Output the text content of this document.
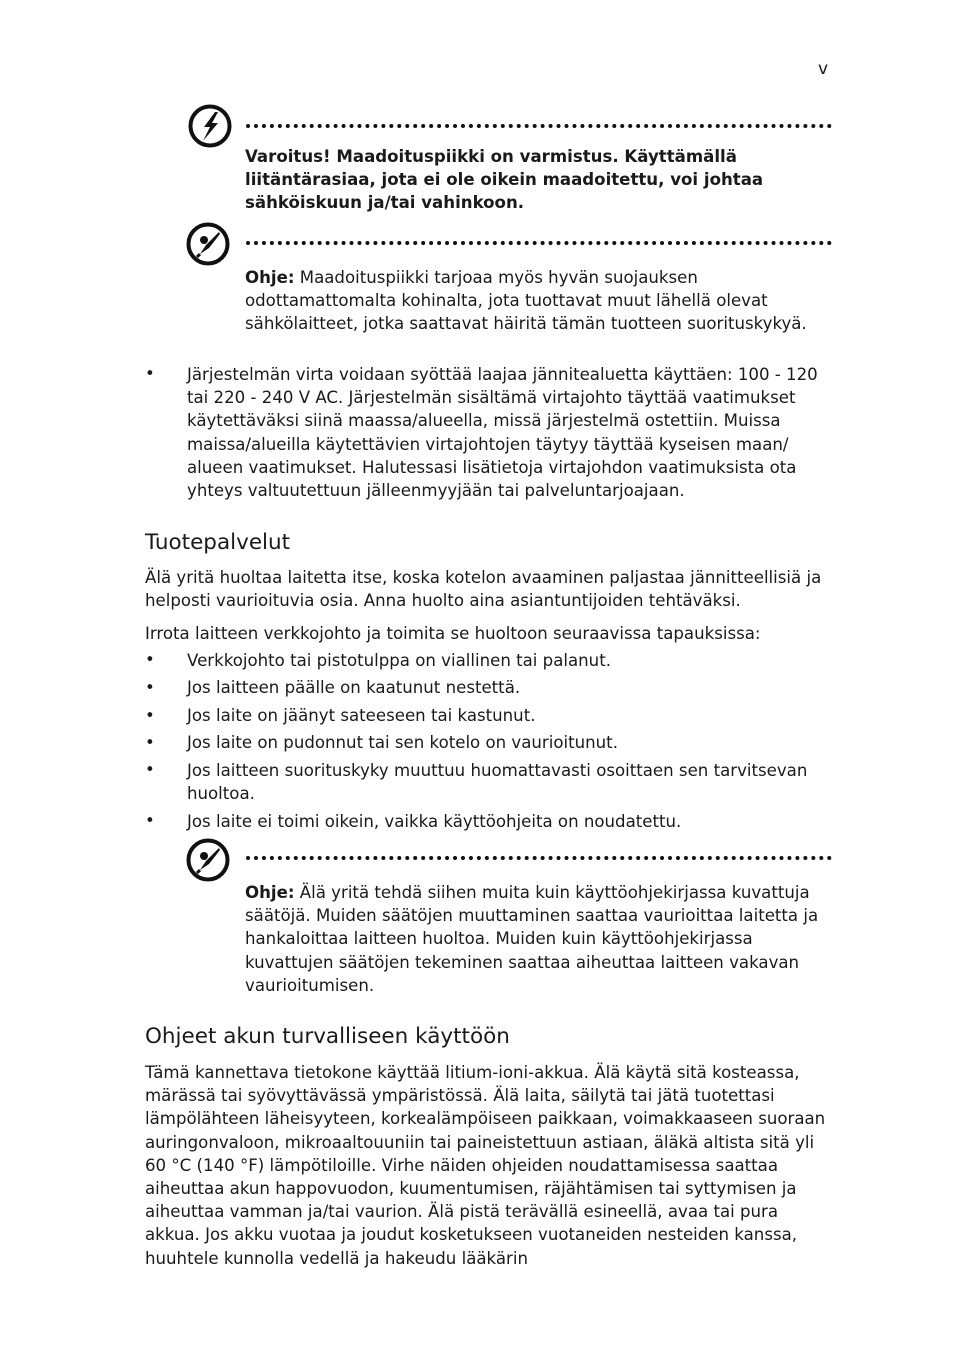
v
Varoitus! Maadoituspiikki on varmistus. Käyttämällä liitäntärasiaa, jota ei ole oikein maadoitettu, voi johtaa sähköiskuun ja/tai vahinkoon.
Ohje: Maadoituspiikki tarjoaa myös hyvän suojauksen odottamattomalta kohinalta, jota tuottavat muut lähellä olevat sähkölaitteet, jotka saattavat häiritä tämän tuotteen suorituskykyä.
• Järjestelmän virta voidaan syöttää laajaa jännitealuetta käyttäen: 100 - 120 tai 220 - 240 V AC. Järjestelmän sisältämä virtajohto täyttää vaatimukset käytettäväksi siinä maassa/alueella, missä järjestelmä ostettiin. Muissa maissa/alueilla käytettävien virtajohtojen täytyy täyttää kyseisen maan/ alueen vaatimukset. Halutessasi lisätietoja virtajohdon vaatimuksista ota yhteys valtuutettuun jälleenmyyjään tai palveluntarjoajaan.
Tuotepalvelut
Älä yritä huoltaa laitetta itse, koska kotelon avaaminen paljastaa jännitteellisiä ja helposti vaurioituvia osia. Anna huolto aina asiantuntijoiden tehtäväksi.
Irrota laitteen verkkojohto ja toimita se huoltoon seuraavissa tapauksissa:
• Verkkojohto tai pistotulppa on viallinen tai palanut.
• Jos laitteen päälle on kaatunut nestettä.
• Jos laite on jäänyt sateeseen tai kastunut.
• Jos laite on pudonnut tai sen kotelo on vaurioitunut.
• Jos laitteen suorituskyky muuttuu huomattavasti osoittaen sen tarvitsevan huoltoa.
• Jos laite ei toimi oikein, vaikka käyttöohjeita on noudatettu.
Ohje: Älä yritä tehdä siihen muita kuin käyttöohjekirjassa kuvattuja säätöjä. Muiden säätöjen muuttaminen saattaa vaurioittaa laitetta ja hankaloittaa laitteen huoltoa. Muiden kuin käyttöohjekirjassa kuvattujen säätöjen tekeminen saattaa aiheuttaa laitteen vakavan vaurioitumisen.
Ohjeet akun turvalliseen käyttöön
Tämä kannettava tietokone käyttää litium-ioni-akkua. Älä käytä sitä kosteassa, märässä tai syövyttävässä ympäristössä. Älä laita, säilytä tai jätä tuotettasi lämpölähteen läheisyyteen, korkealämpöiseen paikkaan, voimakkaaseen suoraan auringonvaloon, mikroaaltouuniin tai paineistettuun astiaan, äläkä altista sitä yli 60 °C (140 °F) lämpötiloille. Virhe näiden ohjeiden noudattamisessa saattaa aiheuttaa akun happovuodon, kuumentumisen, räjähtämisen tai syttymisen ja aiheuttaa vamman ja/tai vaurion. Älä pistä terävällä esineellä, avaa tai pura akkua. Jos akku vuotaa ja joudut kosketukseen vuotaneiden nesteiden kanssa, huuhtele kunnolla vedellä ja hakeudu lääkärin
